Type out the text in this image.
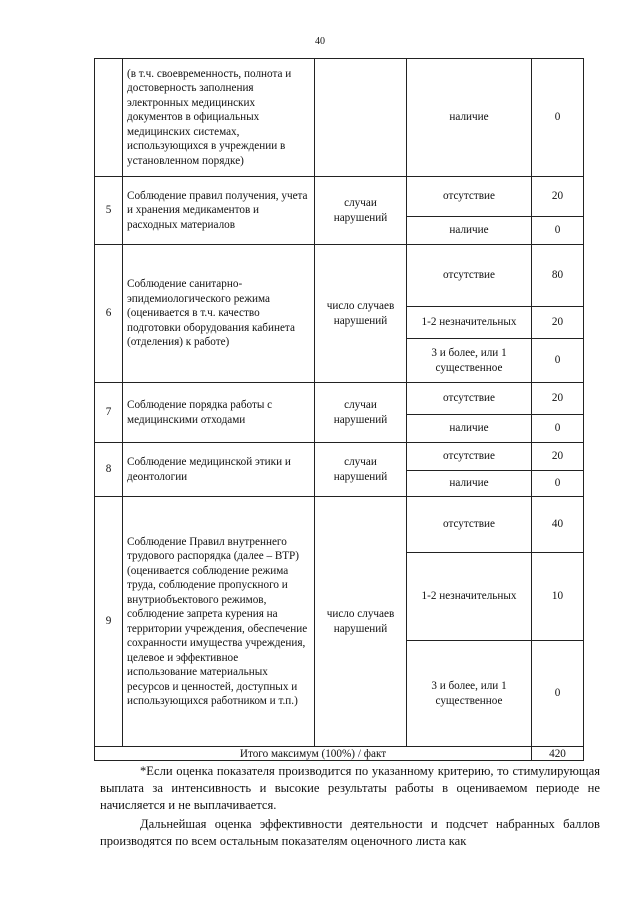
40
	(в т.ч. своевременность, полнота и достоверность заполнения электронных медицинских документов в официальных медицинских системах, использующихся в учреждении в установленном порядке)		наличие	0
5	Соблюдение правил получения, учета и хранения медикаментов и расходных материалов	случаи нарушений	отсутствие	20
			наличие	0
6	Соблюдение санитарно-эпидемиологического режима (оценивается в т.ч. качество подготовки оборудования кабинета (отделения) к работе)	число случаев нарушений	отсутствие	80
			1-2 незначительных	20
			3 и более, или 1 существенное	0
7	Соблюдение порядка работы с медицинскими отходами	случаи нарушений	отсутствие	20
			наличие	0
8	Соблюдение медицинской этики и деонтологии	случаи нарушений	отсутствие	20
			наличие	0
9	Соблюдение Правил внутреннего трудового распорядка (далее – ВТР) (оценивается соблюдение режима труда, соблюдение пропускного и внутриобъектового режимов, соблюдение запрета курения на территории учреждения, обеспечение сохранности имущества учреждения, целевое и эффективное использование материальных ресурсов и ценностей, доступных и использующихся работником и т.п.)	число случаев нарушений	отсутствие	40
			1-2 незначительных	10
			3 и более, или 1 существенное	0
Итого максимум (100%) / факт				420

*Если оценка показателя производится по указанному критерию, то стимулирующая выплата за интенсивность и высокие результаты работы в оцениваемом периоде не начисляется и не выплачивается.

Дальнейшая оценка эффективности деятельности и подсчет набранных баллов производятся по всем остальным показателям оценочного листа как
